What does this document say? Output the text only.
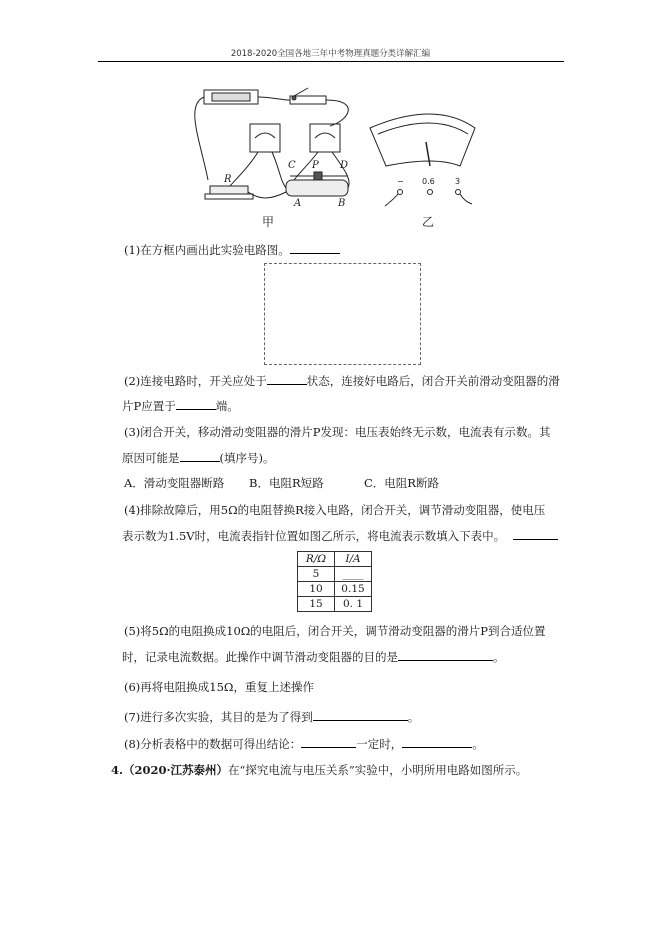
2018-2020全国各地三年中考物理真题分类详解汇编
R
C P D
A	B
− 0.6	3
甲	乙
(1)在方框内画出此实验电路图。
(2)连接电路时，开关应处于	状态，连接好电路后，闭合开关前滑动变阻器的滑
片P应置于	端。
(3)闭合开关，移动滑动变阻器的滑片P发现：电压表始终无示数，电流表有示数。其
原因可能是	(填序号)。
A．滑动变阻器断路 B．电阻R短路	C．电阻R断路
(4)排除故障后，用5Ω的电阻替换R接入电路，闭合开关，调节滑动变阻器，使电压
表示数为1.5V时，电流表指针位置如图乙所示，将电流表示数填入下表中。
R/Ω	I/A
5	____
10	0.15
15	0. 1
(5)将5Ω的电阻换成10Ω的电阻后，闭合开关，调节滑动变阻器的滑片P到合适位置
时，记录电流数据。此操作中调节滑动变阻器的目的是	。
(6)再将电阻换成15Ω，重复上述操作
(7)进行多次实验，其目的是为了得到	。
(8)分析表格中的数据可得出结论：	一定时，	。
4.（2020·江苏泰州）在“探究电流与电压关系”实验中，小明所用电路如图所示。
